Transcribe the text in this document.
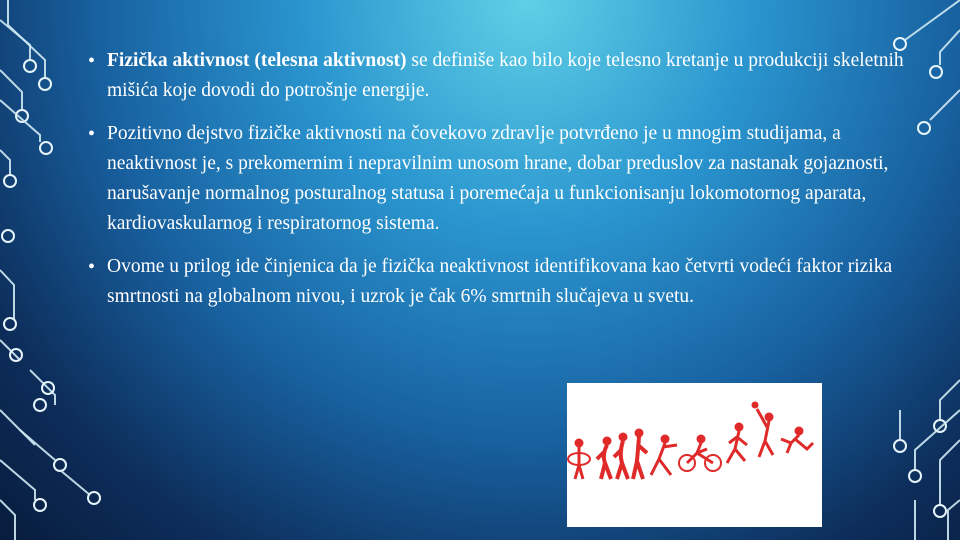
• Fizička aktivnost (telesna aktivnost) se definiše kao bilo koje telesno kretanje u produkciji skeletnih mišića koje dovodi do potrošnje energije.
• Pozitivno dejstvo fizičke aktivnosti na čovekovo zdravlje potvrđeno je u mnogim studijama, a neaktivnost je, s prekomernim i nepravilnim unosom hrane, dobar preduslov za nastanak gojaznosti, narušavanje normalnog posturalnog statusa i poremećaja u funkcionisanju lokomotornog aparata, kardiovaskularnog i respiratornog sistema.
• Ovome u prilog ide činjenica da je fizička neaktivnost identifikovana kao četvrti vodeći faktor rizika smrtnosti na globalnom nivou, i uzrok je čak 6% smrtnih slučajeva u svetu.
